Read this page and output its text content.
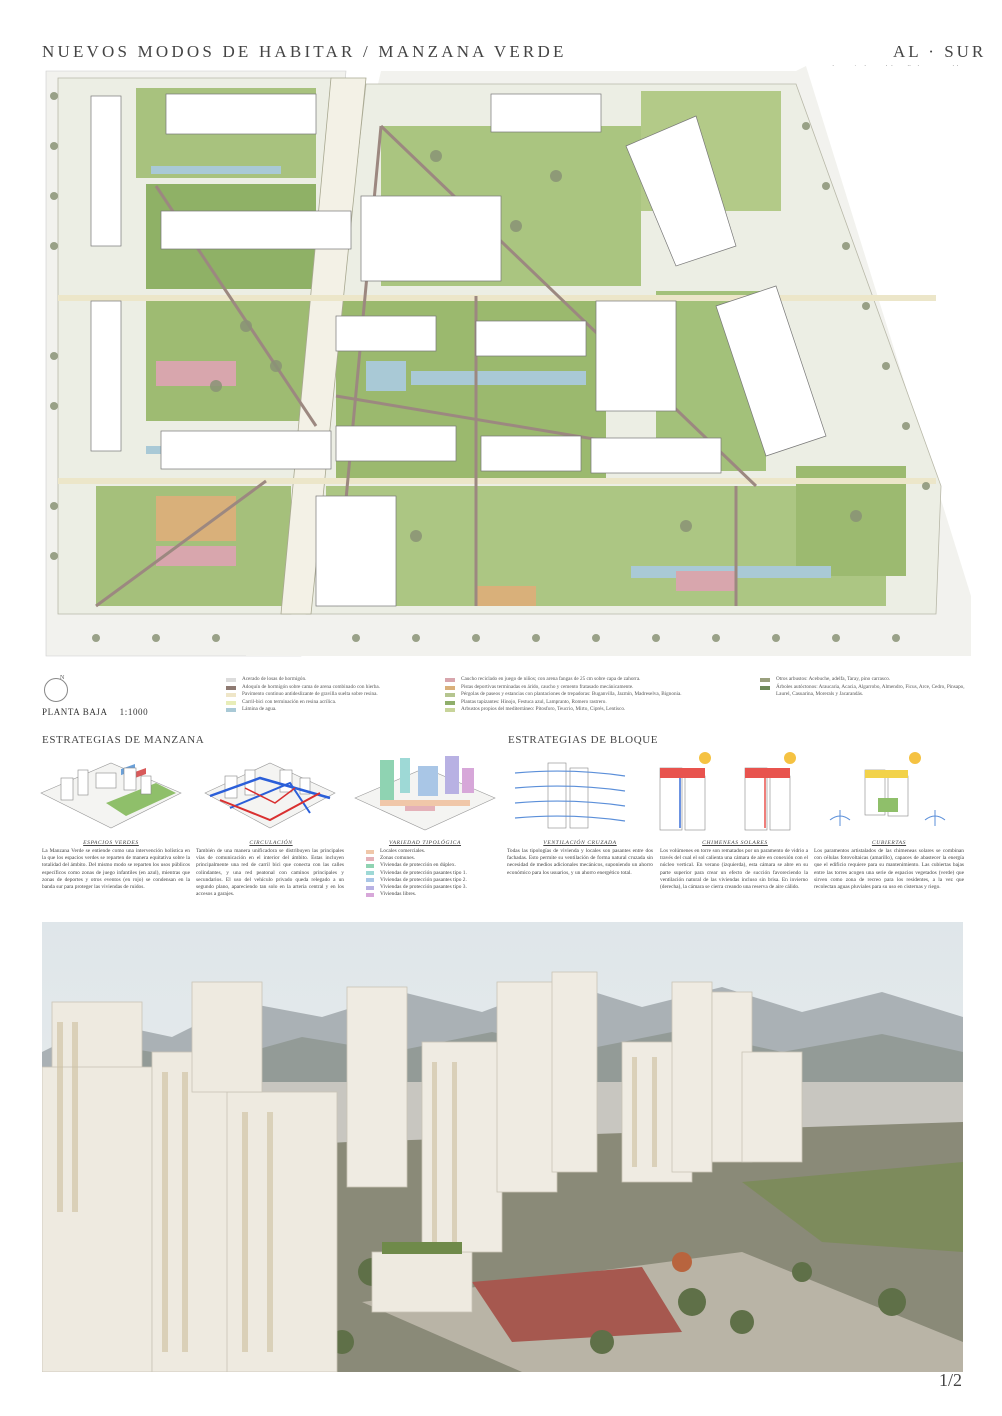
NUEVOS MODOS DE HABITAR / MANZANA VERDE	AL · SUR

N
PLANTA BAJA 1:1000
Acerado de losas de hormigón.
Adoquín de hormigón sobre cama de arena combinado con hierba.
Pavimento continuo antideslizante de gravilla suelta sobre resina.
Carril-bici con terminación en resina acrílica.
Lámina de agua.
Caucho reciclado en juego de niños; con arena fangas de 25 cm sobre capa de zahorra.
Pistas deportivas terminadas en árido, caucho y cemento fratasado mecánicamente.
Pérgolas de paseos y estancias con plantaciones de trepadoras: Buganvilla, Jazmín, Madreselva, Bignonia.
Plantas tapizantes: Hinojo, Festuca azul, Lampranto, Romero rastrero.
Arbustos propios del mediterráneo: Pitosforo, Teucrio, Mirto, Ciprés, Lentisco.
Otros arbustos: Acebuche, adelfa, Taray, pino carrasco.
Árboles autóctonos: Araucaria, Acacia, Algarrobo, Almendro, Ficus, Arce, Cedro, Pinsapo, Laurel, Casuarina, Morerals y Jacarandás.
ESTRATEGIAS DE MANZANA	ESTRATEGIAS DE BLOQUE
ESPACIOS VERDES	CIRCULACIÓN	VARIEDAD TIPOLÓGICA	VENTILACIÓN CRUZADA	CHIMENEAS SOLARES	CUBIERTAS
La Manzana Verde se entiende como una intervención holística en la que los espacios verdes se reparten de manera equitativa sobre la totalidad del ámbito. Del mismo modo se reparten los usos públicos específicos como zonas de juego infantiles (en azul), mientras que zonas de deportes y otros eventos (en rojo) se condensan en la banda sur para proteger las viviendas de ruidos.
También de una manera unificadora se distribuyen las principales vías de comunicación en el interior del ámbito. Estas incluyen principalmente una red de carril bici que conecta con las calles colindantes, y una red peatonal con caminos principales y secundarios. El uso del vehículo privado queda relegado a un segundo plano, apareciendo tan solo en la arteria central y en los accesos a garajes.
Locales comerciales.
Zonas comunes.
Viviendas de protección en dúplex.
Viviendas de protección pasantes tipo 1.
Viviendas de protección pasantes tipo 2.
Viviendas de protección pasantes tipo 3.
Viviendas libres.
Todas las tipologías de vivienda y locales son pasantes entre dos fachadas. Esto permite su ventilación de forma natural cruzada sin necesidad de medios adicionales mecánicos, suponiendo un ahorro económico para los usuarios, y un ahorro energético total.
Los volúmenes en torre son rematados por un paramento de vidrio a través del cual el sol calienta una cámara de aire en conexión con el núcleo vertical. En verano (izquierda), esta cámara se abre en su parte superior para crear un efecto de succión favoreciendo la ventilación natural de las viviendas incluso sin brisa. En invierno (derecha), la cámara se cierra creando una reserva de aire cálido.
Los paramentos artistalados de las chimeneas solares se combinan con células fotovoltaicas (amarillo), capaces de abastecer la energía que el edificio requiere para su mantenimiento. Las cubiertas bajas entre las torres acogen una serie de espacios vegetados (verde) que sirven como zona de recreo para los residentes, a la vez que recolectan aguas pluviales para su uso en cisternas y riego.
1/2
